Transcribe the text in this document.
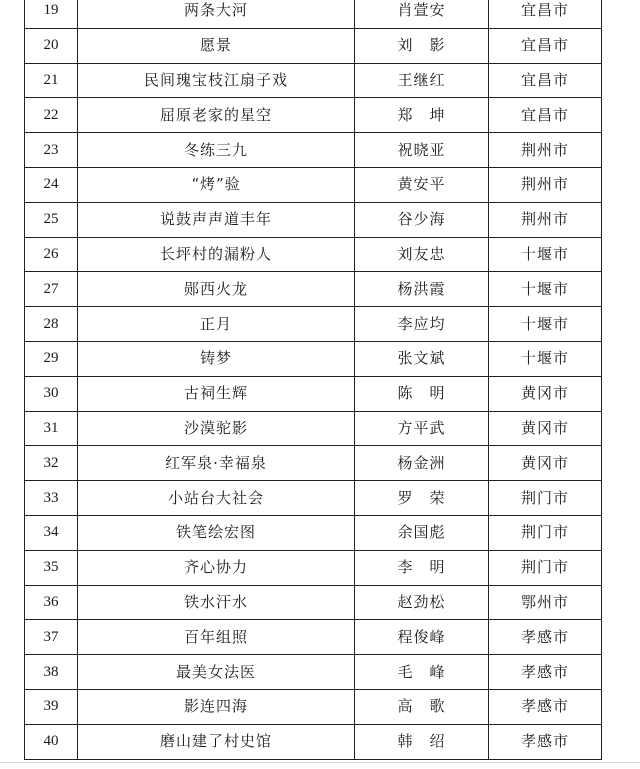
19	两条大河	肖萱安	宜昌市
20	愿景	刘　影	宜昌市
21	民间瑰宝枝江扇子戏	王继红	宜昌市
22	屈原老家的星空	郑　坤	宜昌市
23	冬练三九	祝晓亚	荆州市
24	“烤”验	黄安平	荆州市
25	说鼓声声道丰年	谷少海	荆州市
26	长坪村的漏粉人	刘友忠	十堰市
27	郧西火龙	杨洪霞	十堰市
28	正月	李应均	十堰市
29	铸梦	张文斌	十堰市
30	古祠生辉	陈　明	黄冈市
31	沙漠驼影	方平武	黄冈市
32	红军泉·幸福泉	杨金洲	黄冈市
33	小站台大社会	罗　荣	荆门市
34	铁笔绘宏图	余国彪	荆门市
35	齐心协力	李　明	荆门市
36	铁水汗水	赵劲松	鄂州市
37	百年组照	程俊峰	孝感市
38	最美女法医	毛　峰	孝感市
39	影连四海	高　歌	孝感市
40	磨山建了村史馆	韩　绍	孝感市
